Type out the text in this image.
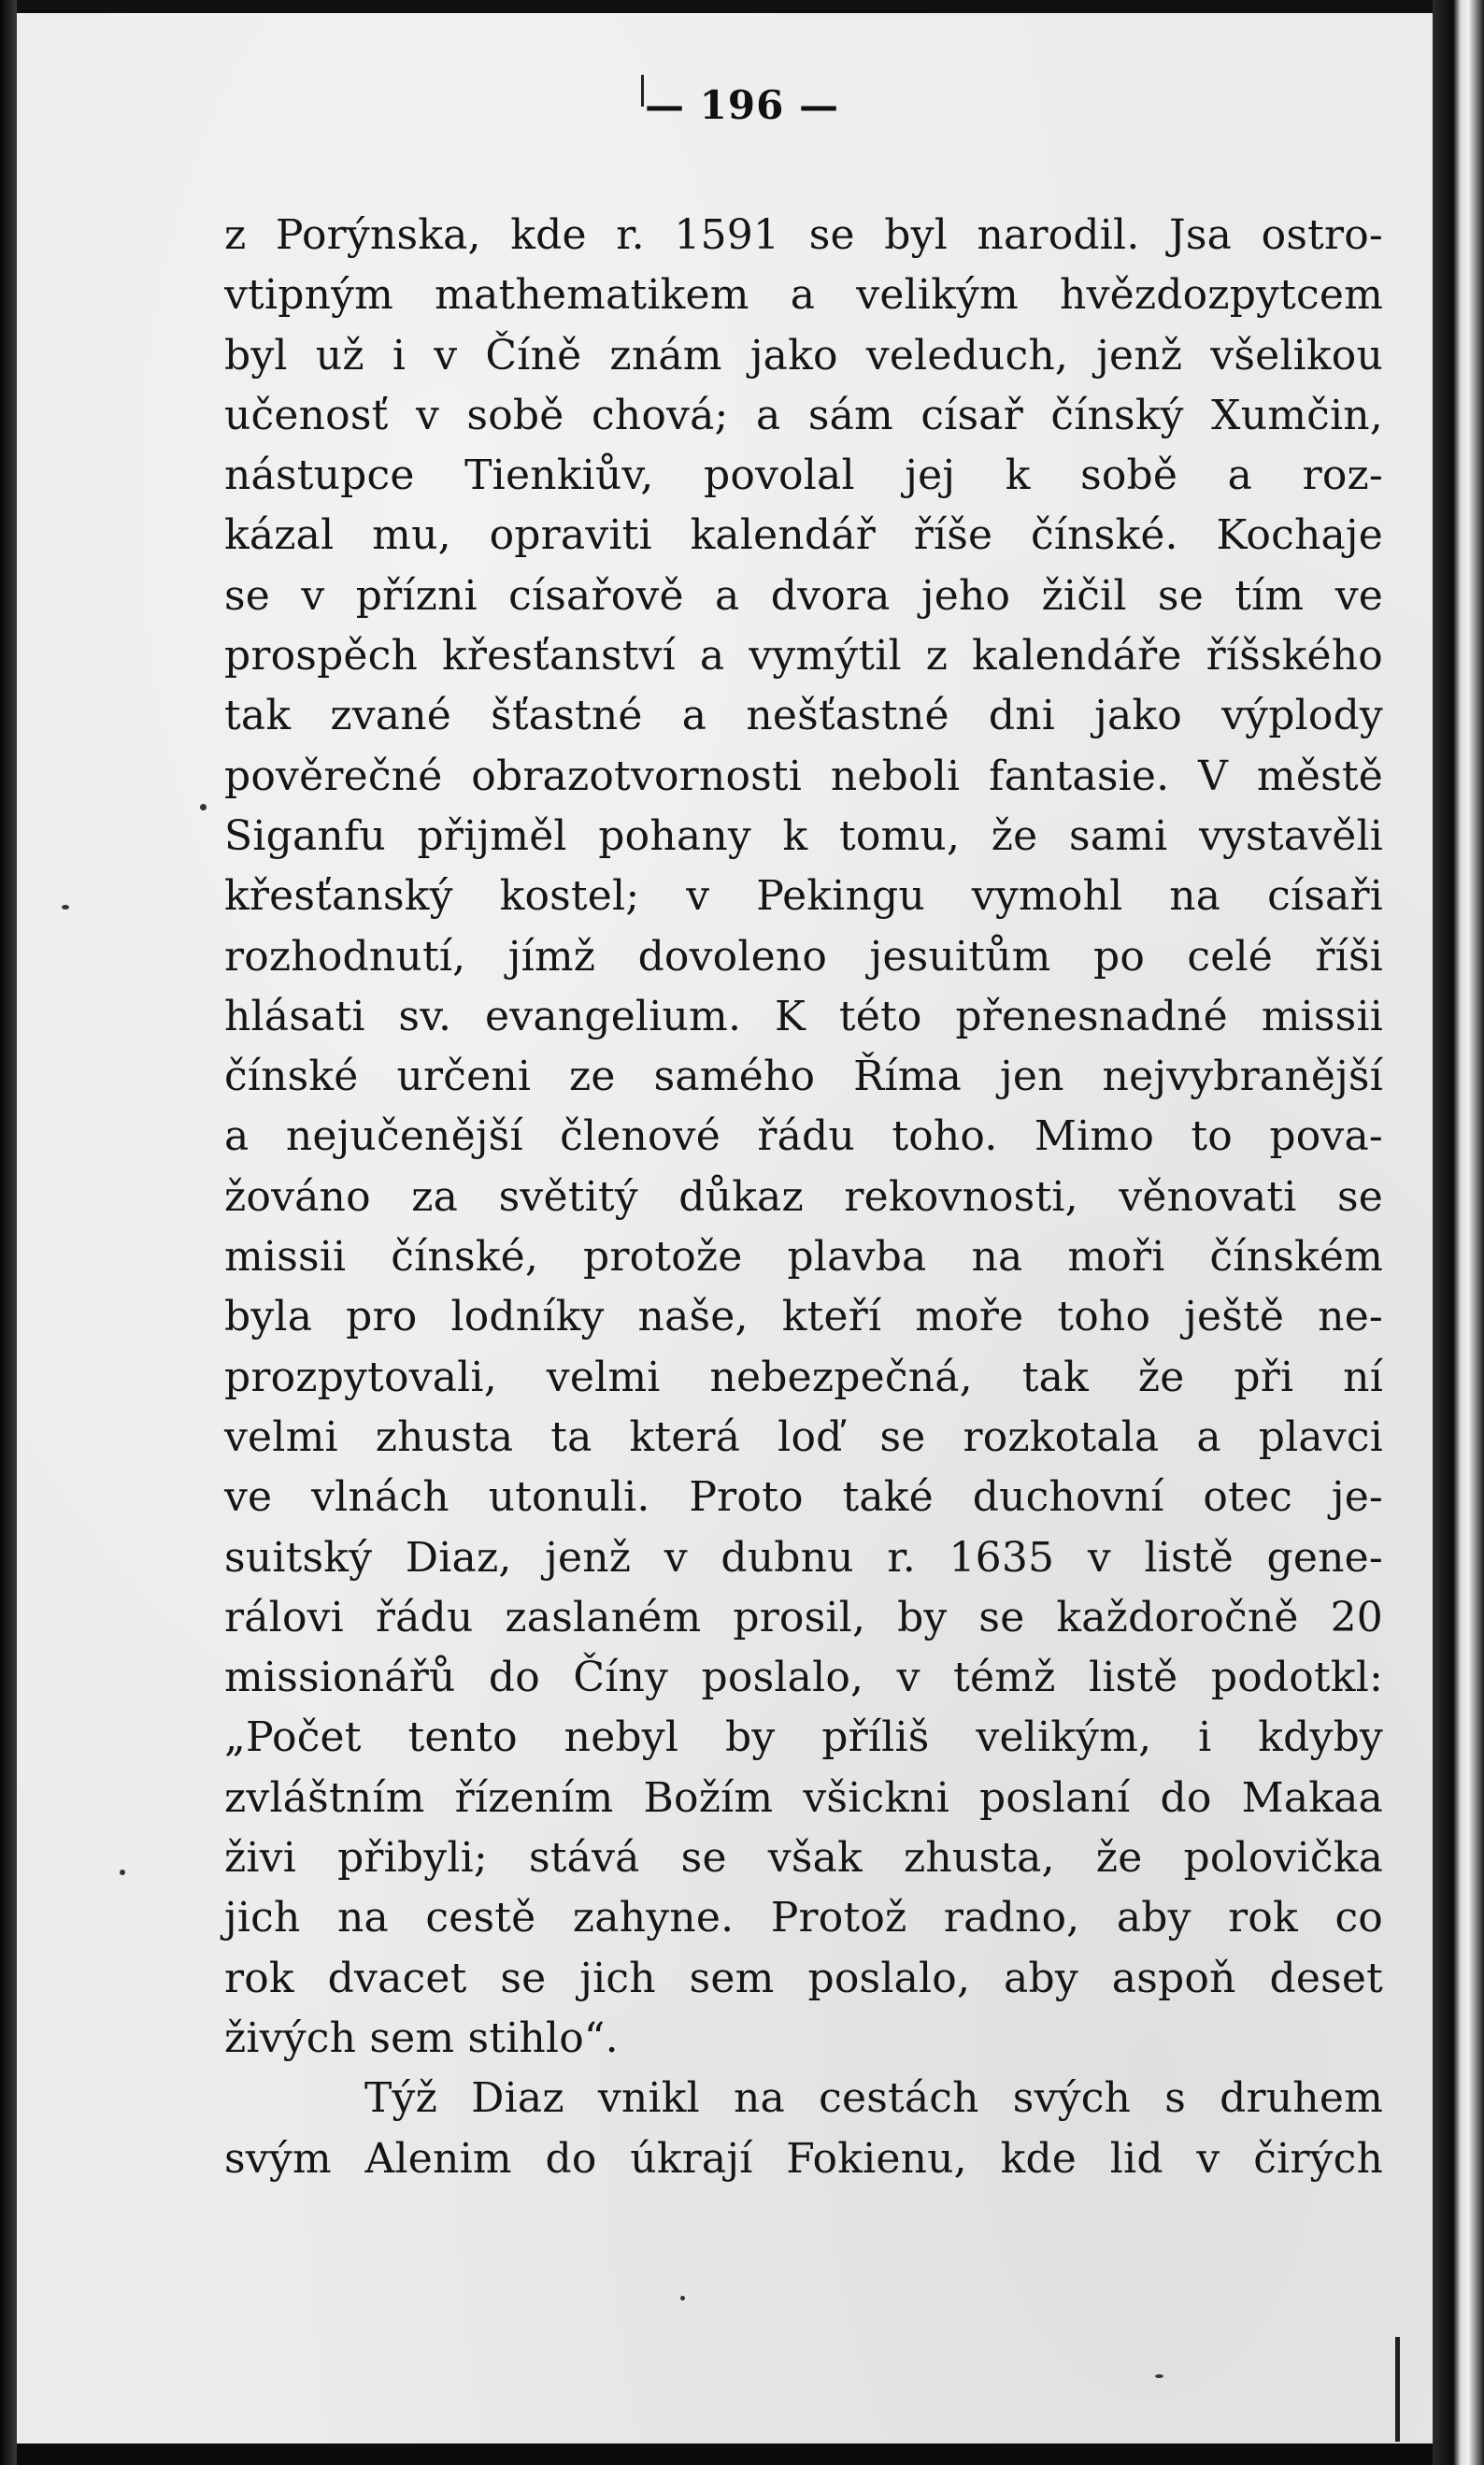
— 196 —
z Porýnska, kde r. 1591 se byl narodil. Jsa ostro-
vtipným mathematikem a velikým hvězdozpytcem
byl už i v Číně znám jako veleduch, jenž všelikou
učenosť v sobě chová; a sám císař čínský Xumčin,
nástupce Tienkiův, povolal jej k sobě a roz-
kázal mu, opraviti kalendář říše čínské. Kochaje
se v přízni císařově a dvora jeho žičil se tím ve
prospěch křesťanství a vymýtil z kalendáře říšského
tak zvané šťastné a nešťastné dni jako výplody
pověrečné obrazotvornosti neboli fantasie. V městě
Siganfu přijměl pohany k tomu, že sami vystavěli
křesťanský kostel; v Pekingu vymohl na císaři
rozhodnutí, jímž dovoleno jesuitům po celé říši
hlásati sv. evangelium. K této přenesnadné missii
čínské určeni ze samého Říma jen nejvybranější
a nejučenější členové řádu toho. Mimo to pova-
žováno za světitý důkaz rekovnosti, věnovati se
missii čínské, protože plavba na moři čínském
byla pro lodníky naše, kteří moře toho ještě ne-
prozpytovali, velmi nebezpečná, tak že při ní
velmi zhusta ta která loď se rozkotala a plavci
ve vlnách utonuli. Proto také duchovní otec je-
suitský Diaz, jenž v dubnu r. 1635 v listě gene-
rálovi řádu zaslaném prosil, by se každoročně 20
missionářů do Číny poslalo, v témž listě podotkl:
„Počet tento nebyl by příliš velikým, i kdyby
zvláštním řízením Božím všickni poslaní do Makaa
živi přibyli; stává se však zhusta, že polovička
jich na cestě zahyne. Protož radno, aby rok co
rok dvacet se jich sem poslalo, aby aspoň deset
živých sem stihlo“.
Týž Diaz vnikl na cestách svých s druhem
svým Alenim do úkrají Fokienu, kde lid v čirých
